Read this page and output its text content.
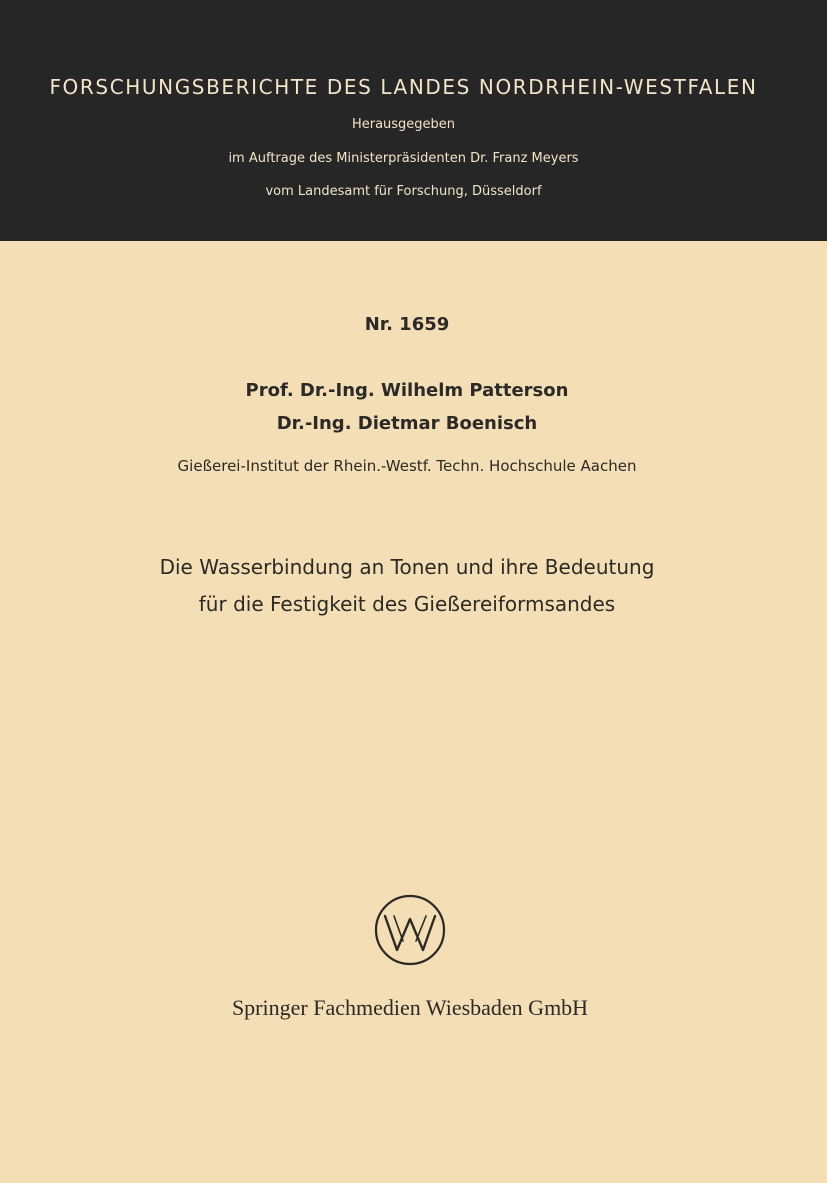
FORSCHUNGSBERICHTE DES LANDES NORDRHEIN-WESTFALEN
Herausgegeben
im Auftrage des Ministerpräsidenten Dr. Franz Meyers
vom Landesamt für Forschung, Düsseldorf
Nr. 1659
Prof. Dr.-Ing. Wilhelm Patterson
Dr.-Ing. Dietmar Boenisch
Gießerei-Institut der Rhein.-Westf. Techn. Hochschule Aachen
Die Wasserbindung an Tonen und ihre Bedeutung
für die Festigkeit des Gießereiformsandes
Springer Fachmedien Wiesbaden GmbH
